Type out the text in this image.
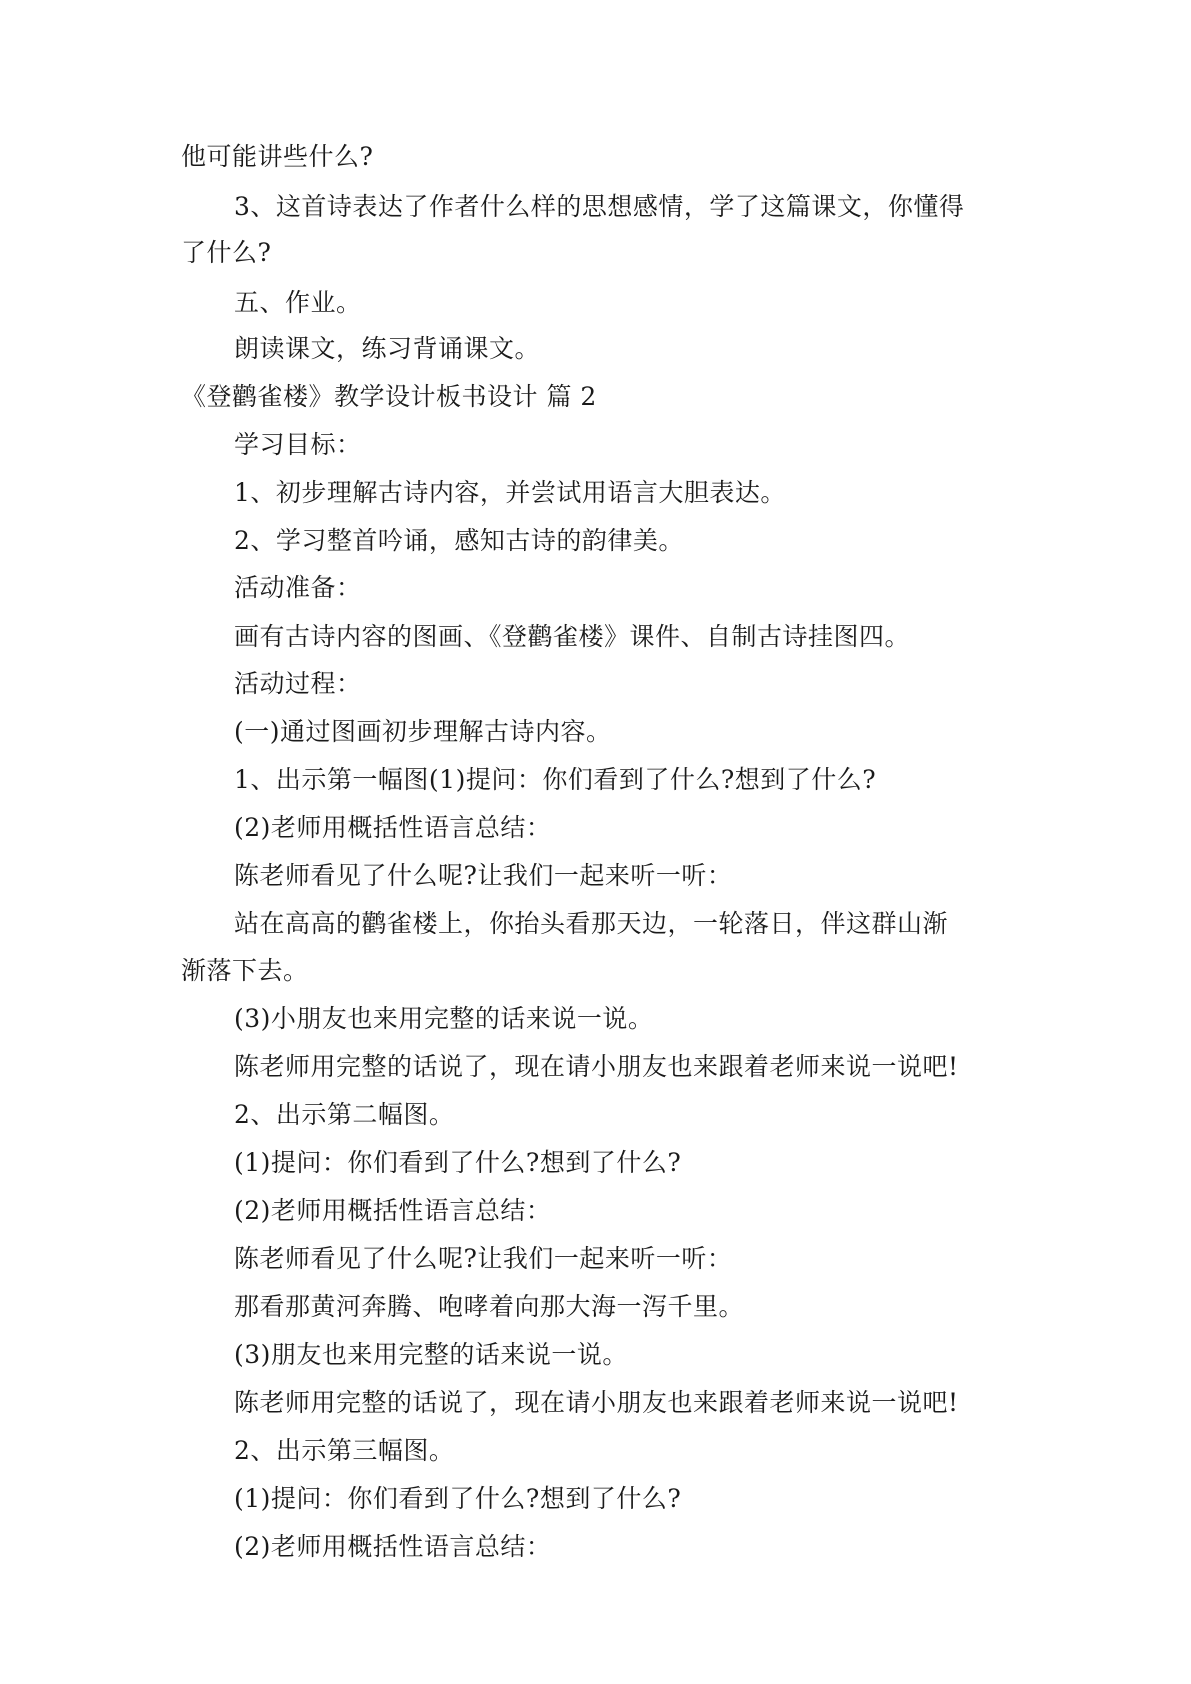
他可能讲些什么?
3、这首诗表达了作者什么样的思想感情，学了这篇课文，你懂得
了什么?
五、作业。
朗读课文，练习背诵课文。
《登鹳雀楼》教学设计板书设计 篇 2
学习目标：
1、初步理解古诗内容，并尝试用语言大胆表达。
2、学习整首吟诵，感知古诗的韵律美。
活动准备：
画有古诗内容的图画、《登鹳雀楼》课件、自制古诗挂图四。
活动过程：
(一)通过图画初步理解古诗内容。
1、出示第一幅图(1)提问：你们看到了什么?想到了什么?
(2)老师用概括性语言总结：
陈老师看见了什么呢?让我们一起来听一听：
站在高高的鹳雀楼上，你抬头看那天边，一轮落日，伴这群山渐
渐落下去。
(3)小朋友也来用完整的话来说一说。
陈老师用完整的话说了，现在请小朋友也来跟着老师来说一说吧!
2、出示第二幅图。
(1)提问：你们看到了什么?想到了什么?
(2)老师用概括性语言总结：
陈老师看见了什么呢?让我们一起来听一听：
那看那黄河奔腾、咆哮着向那大海一泻千里。
(3)朋友也来用完整的话来说一说。
陈老师用完整的话说了，现在请小朋友也来跟着老师来说一说吧!
2、出示第三幅图。
(1)提问：你们看到了什么?想到了什么?
(2)老师用概括性语言总结：
